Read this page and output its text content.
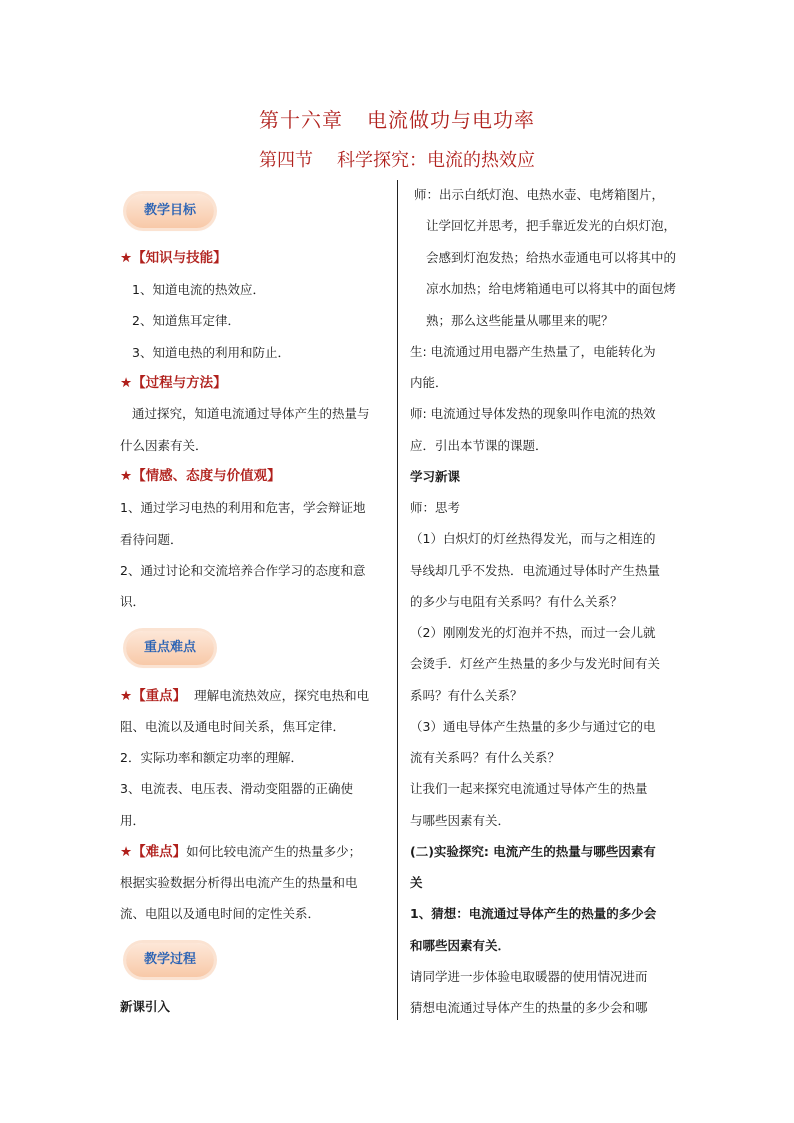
第十六章 电流做功与电功率
第四节 科学探究：电流的热效应
教学目标
★【知识与技能】
1、知道电流的热效应．
2、知道焦耳定律．
3、知道电热的利用和防止．
★【过程与方法】
通过探究，知道电流通过导体产生的热量与
什么因素有关．
★【情感、态度与价值观】
1、通过学习电热的利用和危害，学会辩证地
看待问题．
2、通过讨论和交流培养合作学习的态度和意
识．
重点难点
★【重点】 理解电流热效应，探究电热和电
阻、电流以及通电时间关系，焦耳定律．
2．实际功率和额定功率的理解．
3、电流表、电压表、滑动变阻器的正确使
用．
★【难点】如何比较电流产生的热量多少；
根据实验数据分析得出电流产生的热量和电
流、电阻以及通电时间的定性关系．
教学过程
新课引入
师：出示白纸灯泡、电热水壶、电烤箱图片，
让学回忆并思考，把手靠近发光的白炽灯泡，
会感到灯泡发热；给热水壶通电可以将其中的
凉水加热；给电烤箱通电可以将其中的面包烤
熟；那么这些能量从哪里来的呢？
生: 电流通过用电器产生热量了，电能转化为
内能．
师: 电流通过导体发热的现象叫作电流的热效
应．引出本节课的课题．
学习新课
师：思考
（1）白炽灯的灯丝热得发光，而与之相连的
导线却几乎不发热．电流通过导体时产生热量
的多少与电阻有关系吗？有什么关系？
（2）刚刚发光的灯泡并不热，而过一会儿就
会烫手．灯丝产生热量的多少与发光时间有关
系吗？有什么关系？
（3）通电导体产生热量的多少与通过它的电
流有关系吗？有什么关系？
让我们一起来探究电流通过导体产生的热量
与哪些因素有关．
(二)实验探究: 电流产生的热量与哪些因素有
关
1、猜想：电流通过导体产生的热量的多少会
和哪些因素有关．
请同学进一步体验电取暖器的使用情况进而
猜想电流通过导体产生的热量的多少会和哪
